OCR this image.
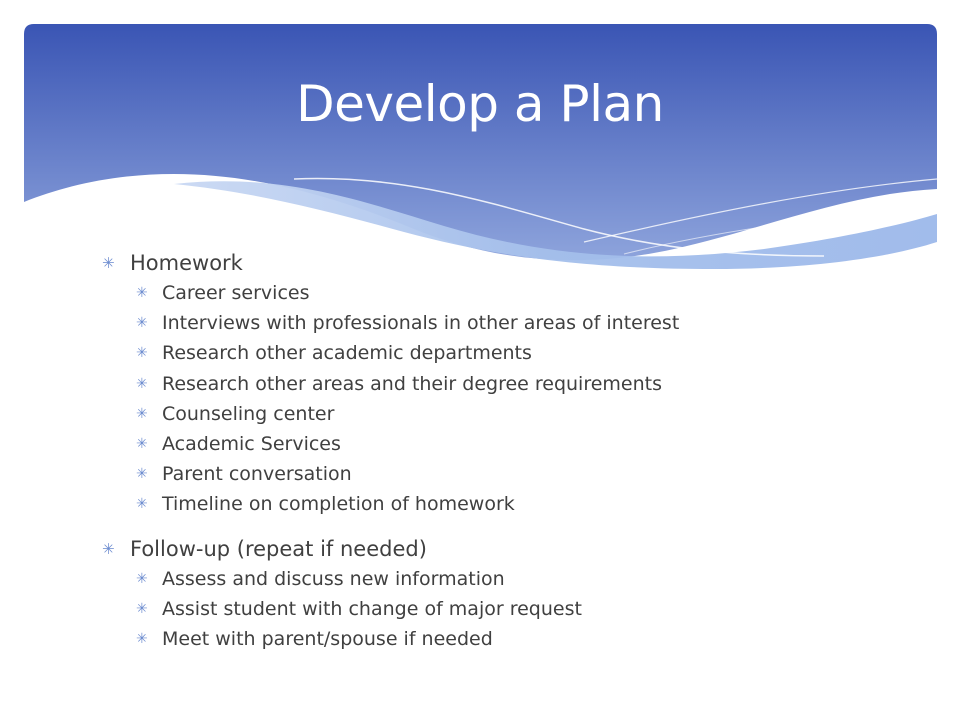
Develop a Plan
✳ Homework
✳ Career services
✳ Interviews with professionals in other areas of interest
✳ Research other academic departments
✳ Research other areas and their degree requirements
✳ Counseling center
✳ Academic Services
✳ Parent conversation
✳ Timeline on completion of homework
✳ Follow-up (repeat if needed)
✳ Assess and discuss new information
✳ Assist student with change of major request
✳ Meet with parent/spouse if needed
